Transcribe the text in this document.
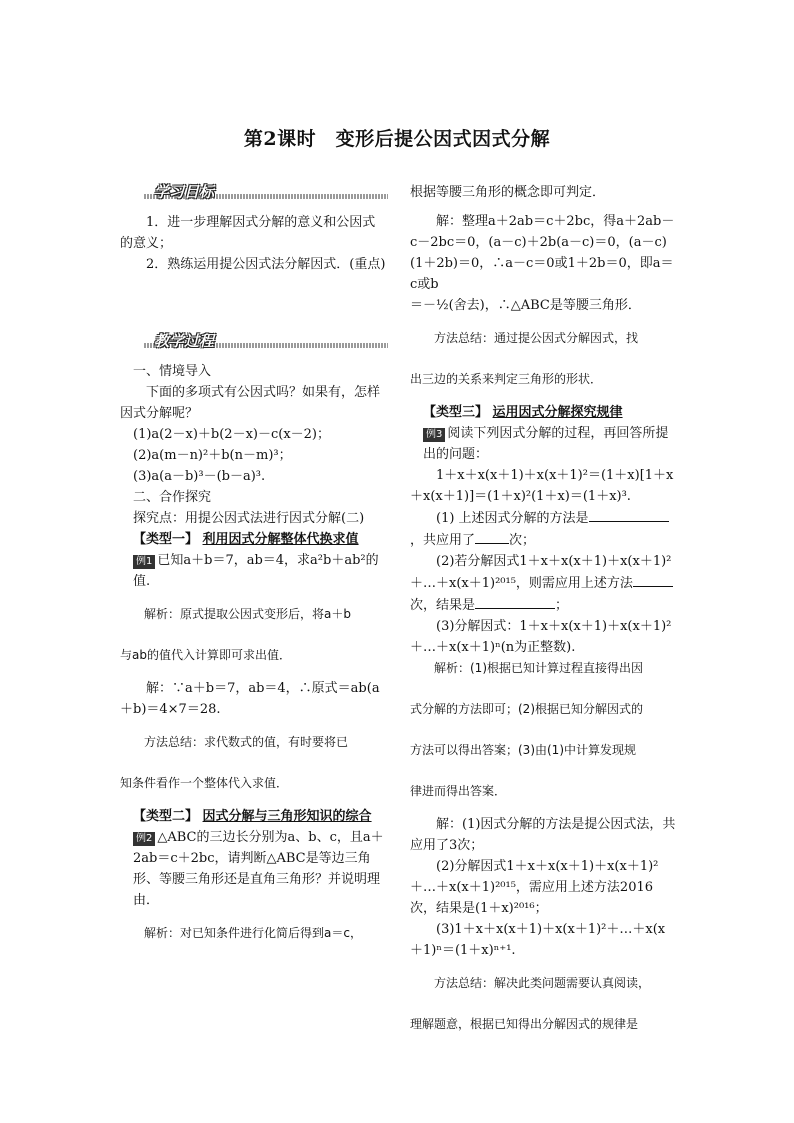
第2课时　变形后提公因式因式分解
学习目标

1．进一步理解因式分解的意义和公因式的意义；

2．熟练运用提公因式法分解因式．(重点)

教学过程

一、情境导入

下面的多项式有公因式吗？如果有，怎样因式分解呢？

(1)a(2－x)＋b(2－x)－c(x－2)；

(2)a(m－n)²＋b(n－m)³；

(3)a(a－b)³－(b－a)³.

二、合作探究

探究点：用提公因式法进行因式分解(二)

【类型一】 利用因式分解整体代换求值

例1 已知a＋b＝7，ab＝4，求a²b＋ab²的值.

解析：原式提取公因式变形后，将a＋b

与ab的值代入计算即可求出值．

解：∵a＋b＝7，ab＝4，∴原式＝ab(a＋b)＝4×7＝28.

方法总结：求代数式的值，有时要将已

知条件看作一个整体代入求值．

【类型二】 因式分解与三角形知识的综合

例2 △ABC的三边长分别为a、b、c，且a＋2ab＝c＋2bc，请判断△ABC是等边三角形、等腰三角形还是直角三角形？并说明理由．

解析：对已知条件进行化简后得到a＝c，

根据等腰三角形的概念即可判定．

解：整理a＋2ab＝c＋2bc，得a＋2ab－c－2bc＝0，(a－c)＋2b(a－c)＝0，(a－c)(1＋2b)＝0，∴a－c＝0或1＋2b＝0，即a＝c或b

＝－½(舍去)，∴△ABC是等腰三角形．

方法总结：通过提公因式分解因式，找

出三边的关系来判定三角形的形状．

【类型三】 运用因式分解探究规律

例3 阅读下列因式分解的过程，再回答所提出的问题：

1＋x＋x(x＋1)＋x(x＋1)²＝(1＋x)[1＋x＋x(x＋1)]＝(1＋x)²(1＋x)＝(1＋x)³.

(1) 上述因式分解的方法是，共应用了	次；

(2)若分解因式1＋x＋x(x＋1)＋x(x＋1)²＋…＋x(x＋1)²⁰¹⁵，则需应用上述方法次，结果是	；

(3)分解因式：1＋x＋x(x＋1)＋x(x＋1)²＋…＋x(x＋1)ⁿ(n为正整数).

解析：(1)根据已知计算过程直接得出因

式分解的方法即可；(2)根据已知分解因式的

方法可以得出答案；(3)由(1)中计算发现规

律进而得出答案．

解：(1)因式分解的方法是提公因式法，共应用了3次；

(2)分解因式1＋x＋x(x＋1)＋x(x＋1)²＋…＋x(x＋1)²⁰¹⁵，需应用上述方法2016次，结果是(1＋x)²⁰¹⁶；

(3)1＋x＋x(x＋1)＋x(x＋1)²＋…＋x(x＋1)ⁿ＝(1＋x)ⁿ⁺¹.

方法总结：解决此类问题需要认真阅读，

理解题意，根据已知得出分解因式的规律是
